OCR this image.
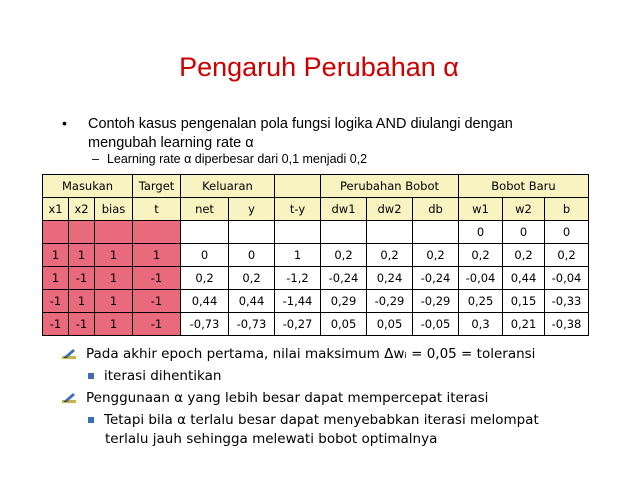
Pengaruh Perubahan α
• Contoh kasus pengenalan pola fungsi logika AND diulangi dengan
mengubah learning rate α
– Learning rate α diperbesar dari 0,1 menjadi 0,2
Masukan			Target	Keluaran			Perubahan Bobot			Bobot Baru		
x1	x2	bias	t	net	y	t-y	dw1	dw2	db	w1	w2	b
										0	0	0
1	1	1	1	0	0	1	0,2	0,2	0,2	0,2	0,2	0,2
1	-1	1	-1	0,2	0,2	-1,2	-0,24	0,24	-0,24	-0,04	0,44	-0,04
-1	1	1	-1	0,44	0,44	-1,44	0,29	-0,29	-0,29	0,25	0,15	-0,33
-1	-1	1	-1	-0,73	-0,73	-0,27	0,05	0,05	-0,05	0,3	0,21	-0,38
Pada akhir epoch pertama, nilai maksimum Δwᵢ = 0,05 = toleransi
iterasi dihentikan
Penggunaan α yang lebih besar dapat mempercepat iterasi
Tetapi bila α terlalu besar dapat menyebabkan iterasi melompat
terlalu jauh sehingga melewati bobot optimalnya
